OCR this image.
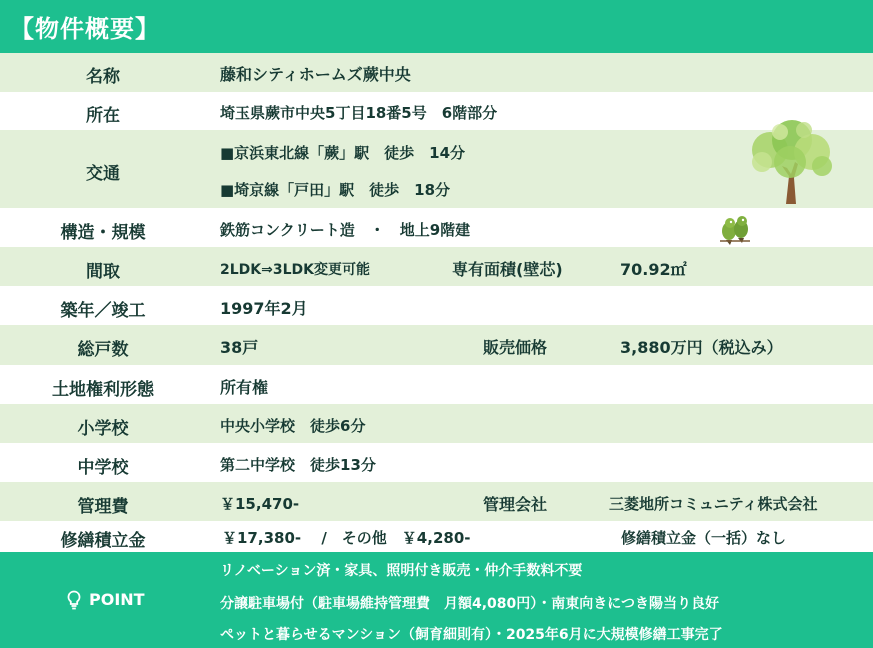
【物件概要】
名称	藤和シティホームズ蕨中央
所在	埼玉県蕨市中央5丁目18番5号　6階部分
交通
■京浜東北線「蕨」駅　徒歩　14分
■埼京線「戸田」駅　徒歩　18分
構造・規模	鉄筋コンクリート造　・　地上9階建
間取	2LDK⇒3LDK変更可能	専有面積(壁芯)	70.92㎡
築年／竣工	1997年2月
総戸数	38戸	販売価格	3,880万円（税込み）
土地権利形態	所有権
小学校	中央小学校　徒歩6分
中学校	第二中学校　徒歩13分
管理費	￥15,470-	管理会社	三菱地所コミュニティ株式会社
修繕積立金	￥17,380-　 /　その他　￥4,280-	修繕積立金（一括）なし
POINT
リノベーション済・家具、照明付き販売・仲介手数料不要
分譲駐車場付（駐車場維持管理費　月額4,080円）・南東向きにつき陽当り良好
ペットと暮らせるマンション（飼育細則有）・2025年6月に大規模修繕工事完了
